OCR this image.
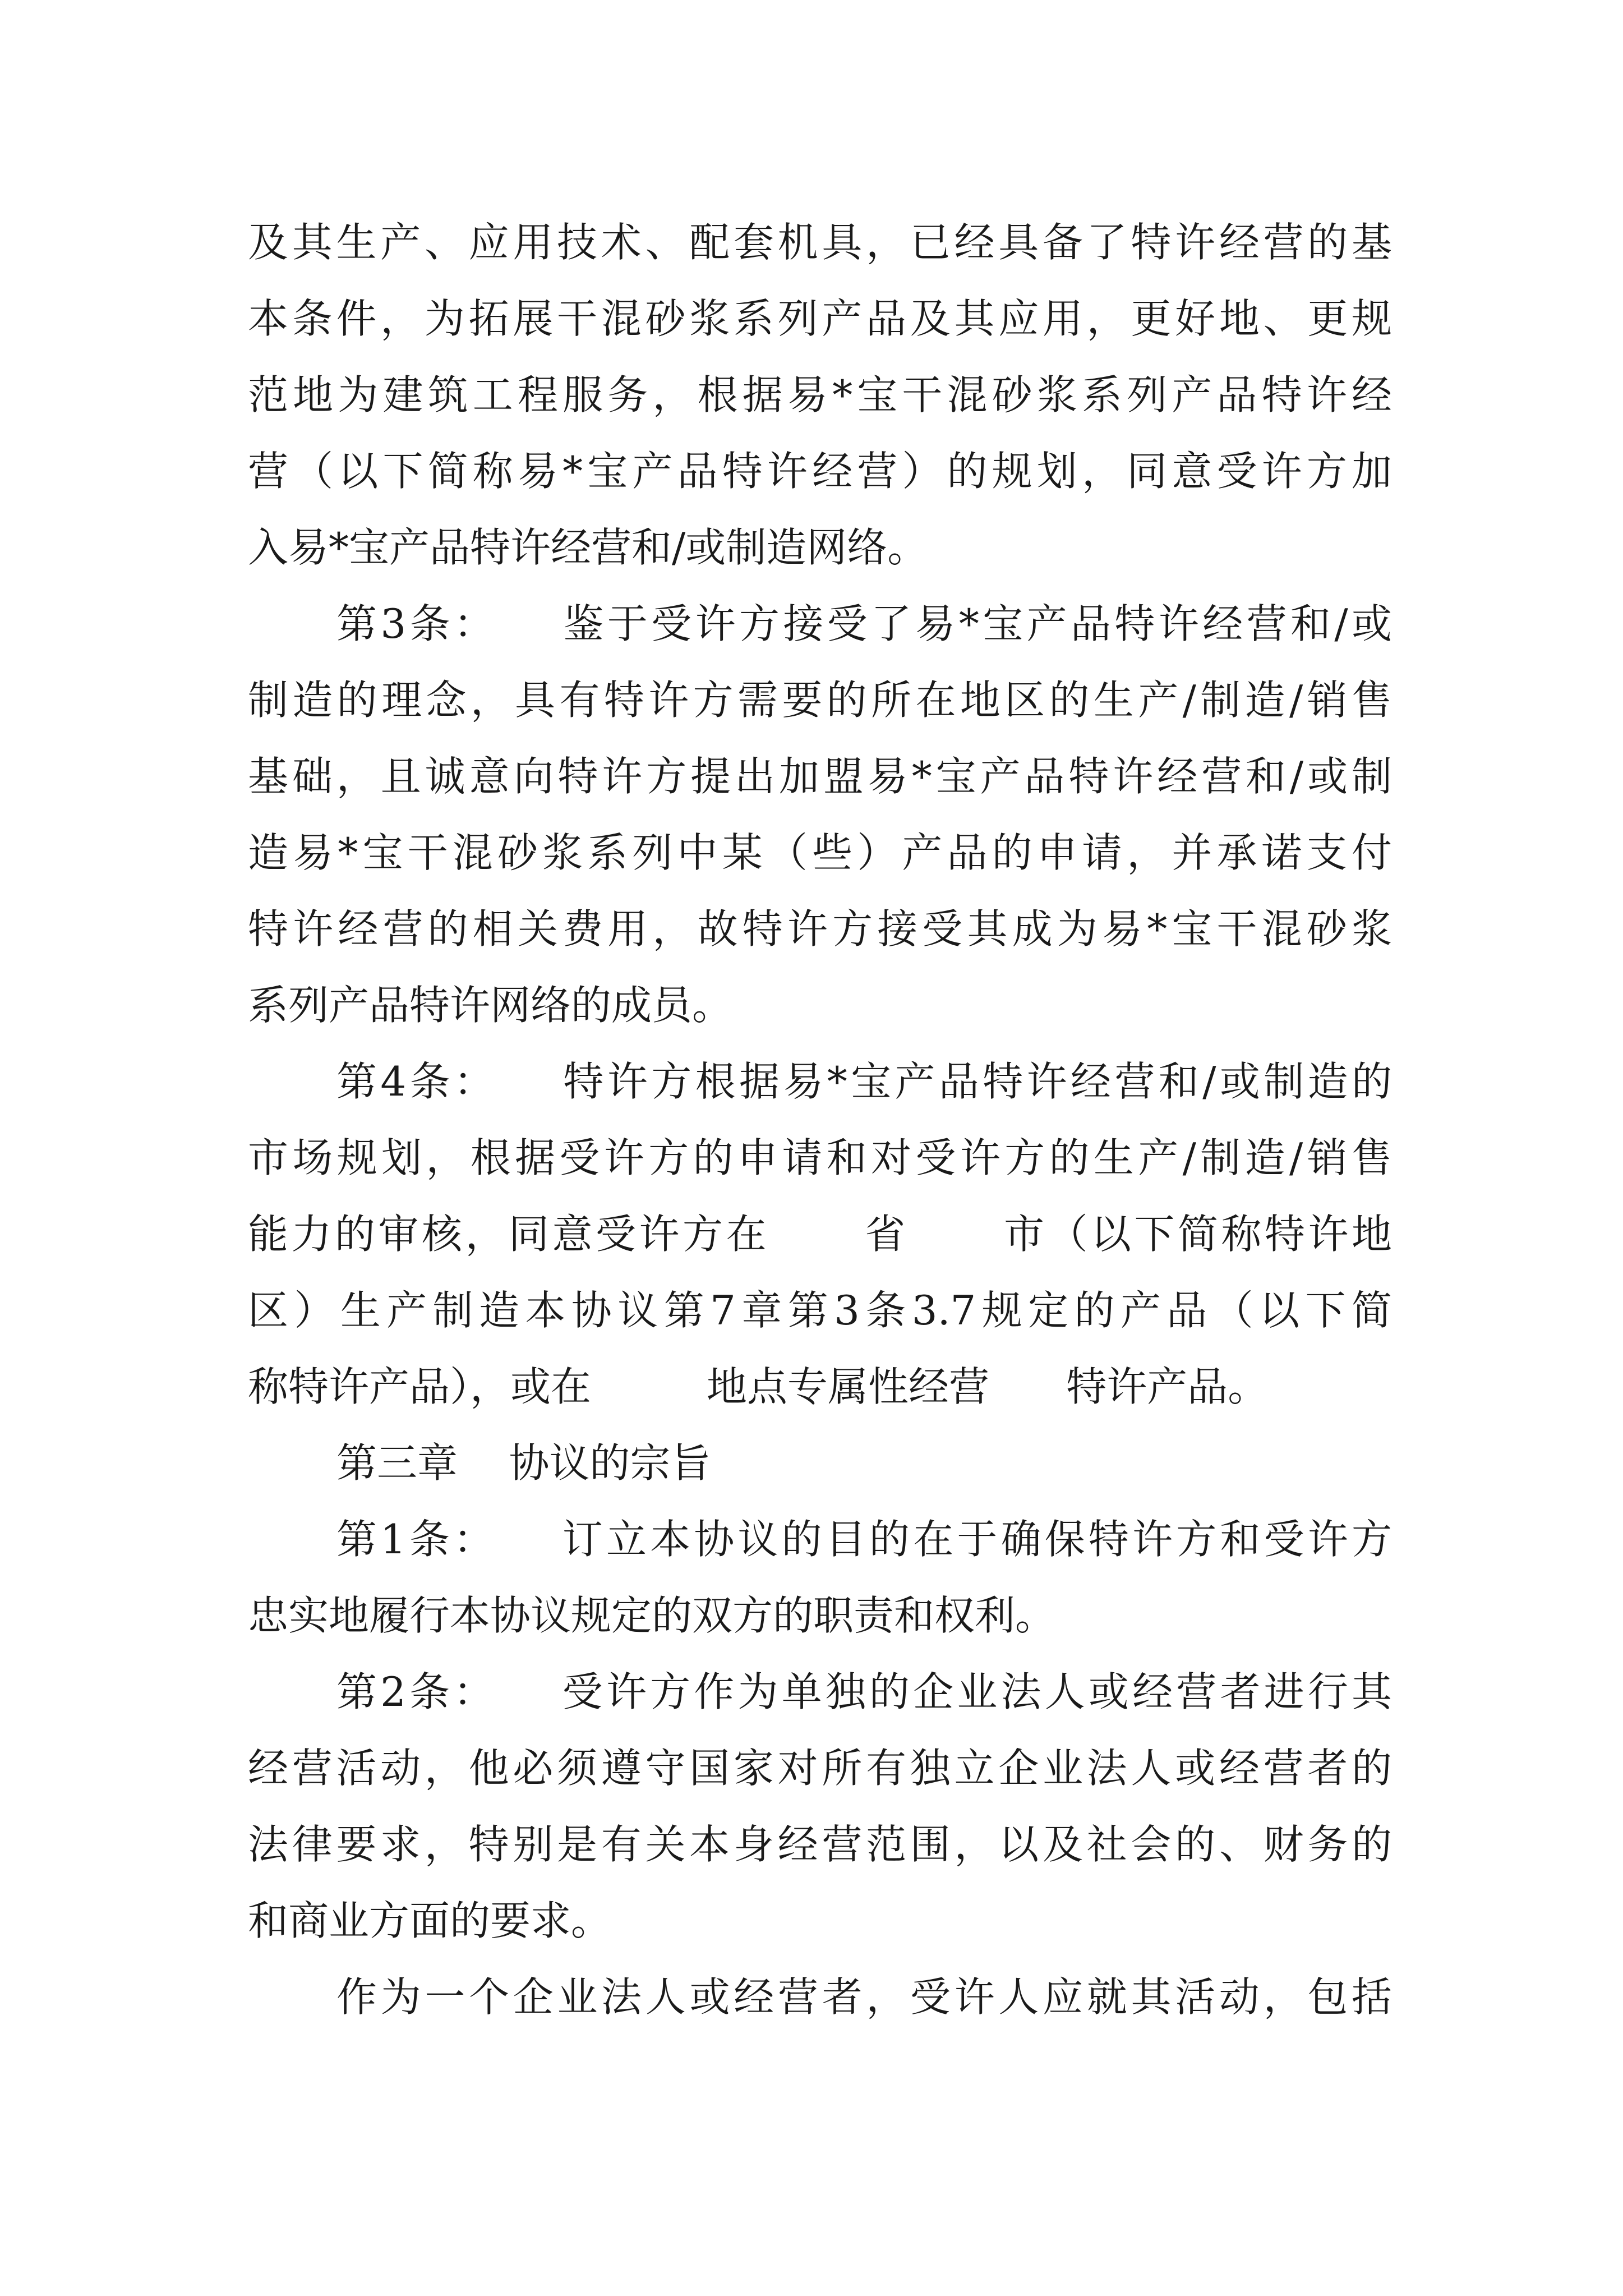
及其生产、应用技术、配套机具，已经具备了特许经营的基
本条件，为拓展干混砂浆系列产品及其应用，更好地、更规
范地为建筑工程服务，根据易*宝干混砂浆系列产品特许经
营（以下简称易*宝产品特许经营）的规划，同意受许方加
入易*宝产品特许经营和/或制造网络。
第3条：    鉴于受许方接受了易*宝产品特许经营和/或
制造的理念，具有特许方需要的所在地区的生产/制造/销售
基础，且诚意向特许方提出加盟易*宝产品特许经营和/或制
造易*宝干混砂浆系列中某（些）产品的申请，并承诺支付
特许经营的相关费用，故特许方接受其成为易*宝干混砂浆
系列产品特许网络的成员。
第4条：    特许方根据易*宝产品特许经营和/或制造的
市场规划，根据受许方的申请和对受许方的生产/制造/销售
能力的审核，同意受许方在      省      市（以下简称特许地
区）生产制造本协议第7章第3条3.7规定的产品（以下简
称特许产品），或在         地点专属性经营      特许产品。
第三章    协议的宗旨
第1条：    订立本协议的目的在于确保特许方和受许方
忠实地履行本协议规定的双方的职责和权利。
第2条：    受许方作为单独的企业法人或经营者进行其
经营活动，他必须遵守国家对所有独立企业法人或经营者的
法律要求，特别是有关本身经营范围，以及社会的、财务的
和商业方面的要求。
作为一个企业法人或经营者，受许人应就其活动，包括
